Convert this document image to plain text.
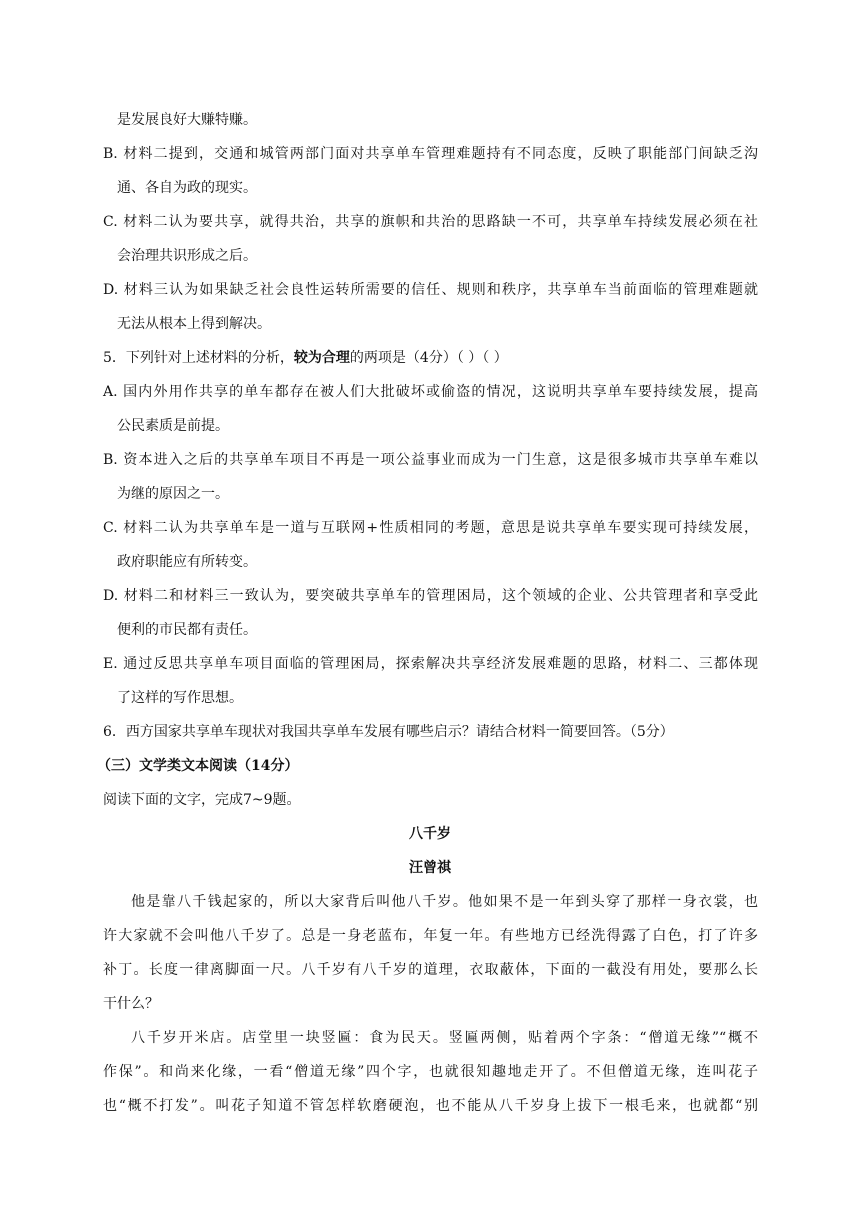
是发展良好大赚特赚。
B. 材料二提到，交通和城管两部门面对共享单车管理难题持有不同态度，反映了职能部门间缺乏沟
通、各自为政的现实。
C. 材料二认为要共享，就得共治，共享的旗帜和共治的思路缺一不可，共享单车持续发展必须在社
会治理共识形成之后。
D. 材料三认为如果缺乏社会良性运转所需要的信任、规则和秩序，共享单车当前面临的管理难题就
无法从根本上得到解决。
5．下列针对上述材料的分析，较为合理的两项是（4分）（ ）（ ）
A. 国内外用作共享的单车都存在被人们大批破坏或偷盗的情况，这说明共享单车要持续发展，提高
公民素质是前提。
B. 资本进入之后的共享单车项目不再是一项公益事业而成为一门生意，这是很多城市共享单车难以
为继的原因之一。
C. 材料二认为共享单车是一道与互联网+性质相同的考题，意思是说共享单车要实现可持续发展，
政府职能应有所转变。
D. 材料二和材料三一致认为，要突破共享单车的管理困局，这个领域的企业、公共管理者和享受此
便利的市民都有责任。
E. 通过反思共享单车项目面临的管理困局，探索解决共享经济发展难题的思路，材料二、三都体现
了这样的写作思想。
6．西方国家共享单车现状对我国共享单车发展有哪些启示？请结合材料一简要回答。（5分）
（三）文学类文本阅读（14分）
阅读下面的文字，完成7~9题。
八千岁
汪曾祺
他是靠八千钱起家的，所以大家背后叫他八千岁。他如果不是一年到头穿了那样一身衣裳，也
许大家就不会叫他八千岁了。总是一身老蓝布，年复一年。有些地方已经洗得露了白色，打了许多
补丁。长度一律离脚面一尺。八千岁有八千岁的道理，衣取蔽体，下面的一截没有用处，要那么长
干什么？
八千岁开米店。店堂里一块竖匾：食为民天。竖匾两侧，贴着两个字条：“僧道无缘”“概不
作保”。和尚来化缘，一看“僧道无缘”四个字，也就很知趣地走开了。不但僧道无缘，连叫花子
也“概不打发”。叫花子知道不管怎样软磨硬泡，也不能从八千岁身上拔下一根毛来，也就都“别
